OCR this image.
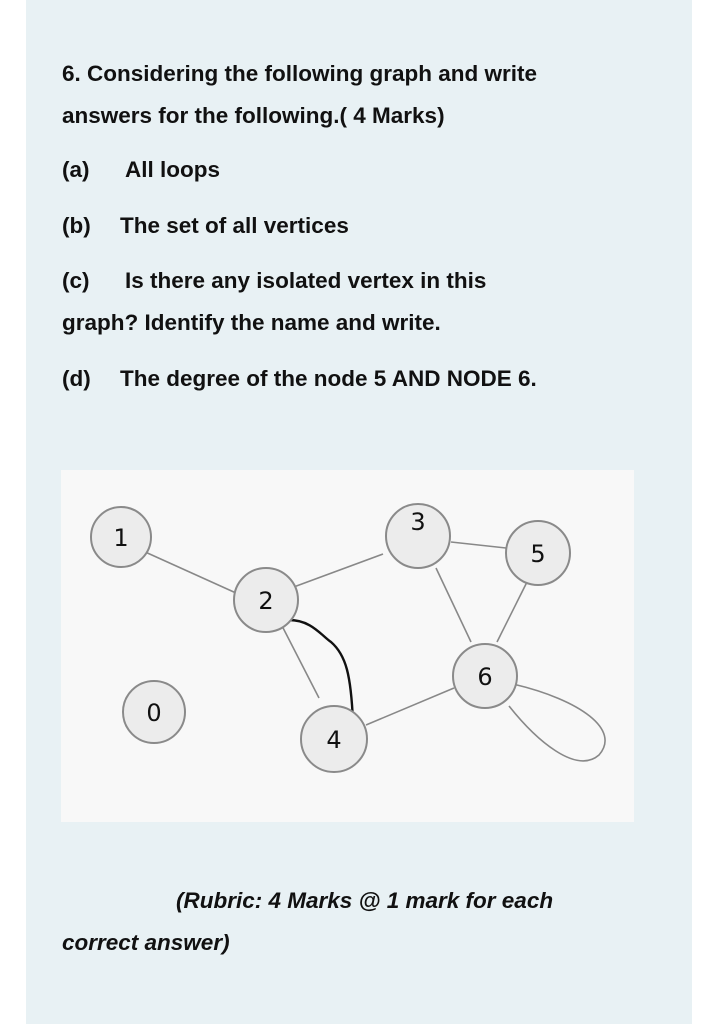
6. Considering the following graph and write
answers for the following.( 4 Marks)
(a) All loops
(b) The set of all vertices
(c) Is there any isolated vertex in this
graph? Identify the name and write.
(d) The degree of the node 5 AND NODE 6.
1
2
3
5
6
0
4
(Rubric: 4 Marks @ 1 mark for each
correct answer)
